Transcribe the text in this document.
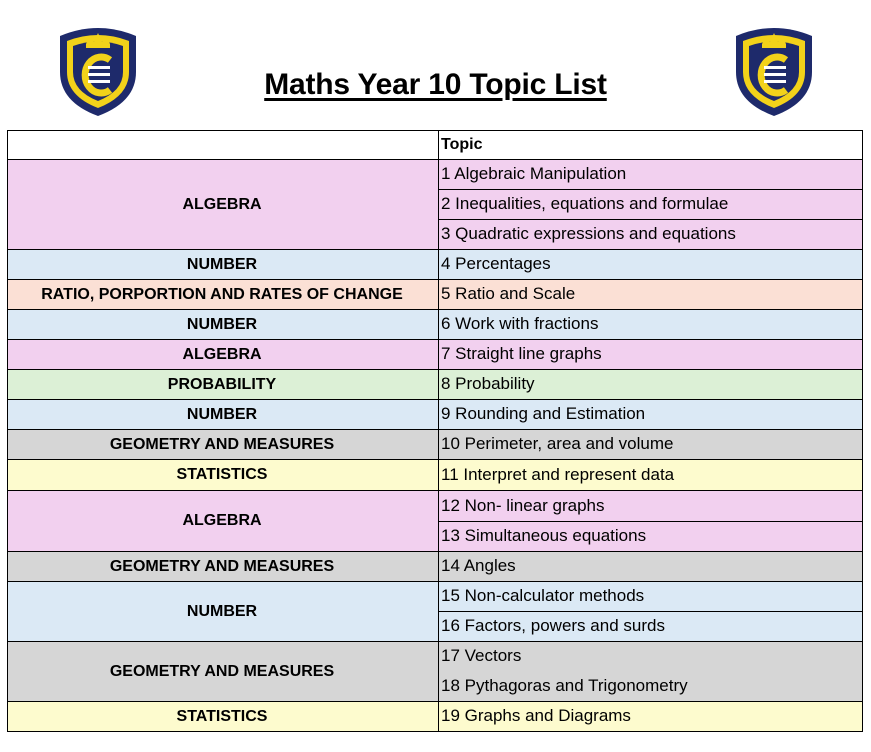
Maths Year 10 Topic List
	Topic
ALGEBRA	1 Algebraic Manipulation
	2 Inequalities, equations and formulae
	3 Quadratic expressions and equations
NUMBER	4 Percentages
RATIO, PORPORTION AND RATES OF CHANGE	5 Ratio and Scale
NUMBER	6 Work with fractions
ALGEBRA	7 Straight line graphs
PROBABILITY	8 Probability
NUMBER	9 Rounding and Estimation
GEOMETRY AND MEASURES	10 Perimeter, area and volume
STATISTICS	11 Interpret and represent data
ALGEBRA	12 Non- linear graphs
	13 Simultaneous equations
GEOMETRY AND MEASURES	14 Angles
NUMBER	15 Non-calculator methods
	16 Factors, powers and surds
GEOMETRY AND MEASURES	17 Vectors
	18 Pythagoras and Trigonometry
STATISTICS	19 Graphs and Diagrams
